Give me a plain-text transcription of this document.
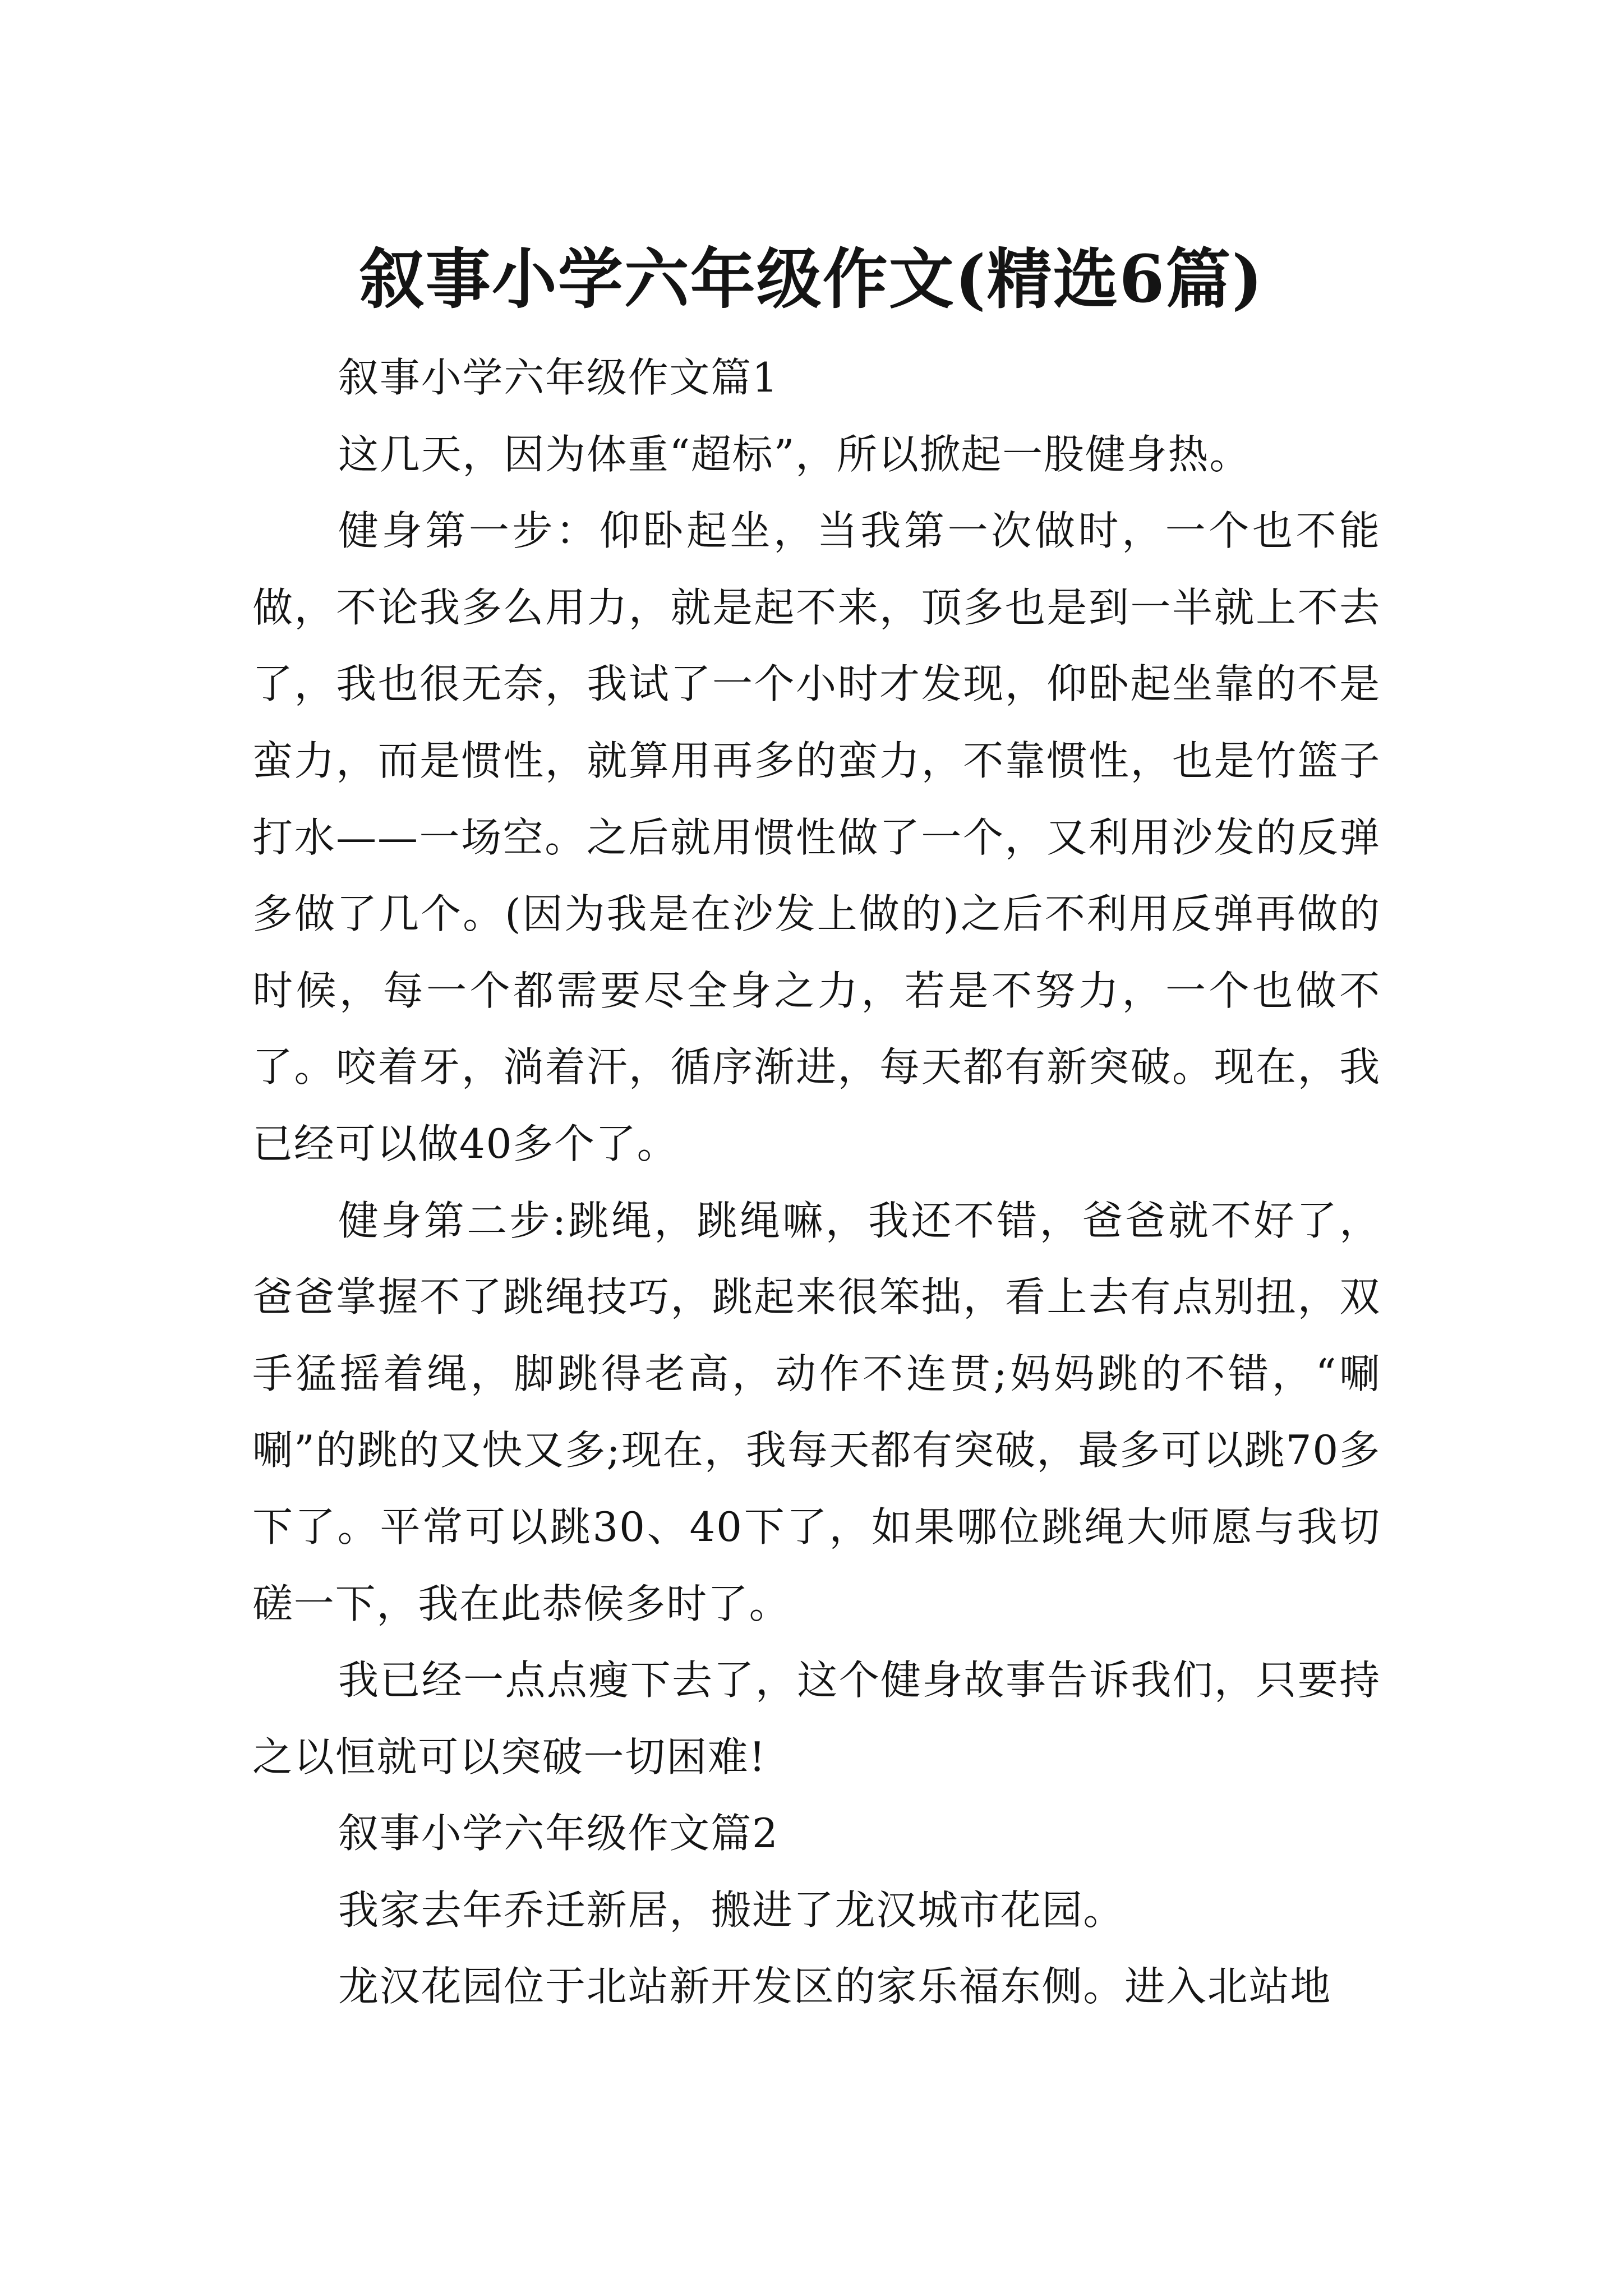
叙事小学六年级作文(精选6篇)

叙事小学六年级作文篇1

这几天，因为体重“超标”，所以掀起一股健身热。

健身第一步：仰卧起坐，当我第一次做时，一个也不能做，不论我多么用力，就是起不来，顶多也是到一半就上不去了，我也很无奈，我试了一个小时才发现，仰卧起坐靠的不是蛮力，而是惯性，就算用再多的蛮力，不靠惯性，也是竹篮子打水——一场空。之后就用惯性做了一个，又利用沙发的反弹多做了几个。(因为我是在沙发上做的)之后不利用反弹再做的时候，每一个都需要尽全身之力，若是不努力，一个也做不了。咬着牙，淌着汗，循序渐进，每天都有新突破。现在，我已经可以做40多个了。

健身第二步:跳绳，跳绳嘛，我还不错，爸爸就不好了，爸爸掌握不了跳绳技巧，跳起来很笨拙，看上去有点别扭，双手猛摇着绳，脚跳得老高，动作不连贯;妈妈跳的不错，“唰唰”的跳的又快又多;现在，我每天都有突破，最多可以跳70多下了。平常可以跳30、40下了，如果哪位跳绳大师愿与我切磋一下，我在此恭候多时了。

我已经一点点瘦下去了，这个健身故事告诉我们，只要持之以恒就可以突破一切困难!

叙事小学六年级作文篇2

我家去年乔迁新居，搬进了龙汉城市花园。

龙汉花园位于北站新开发区的家乐福东侧。进入北站地
